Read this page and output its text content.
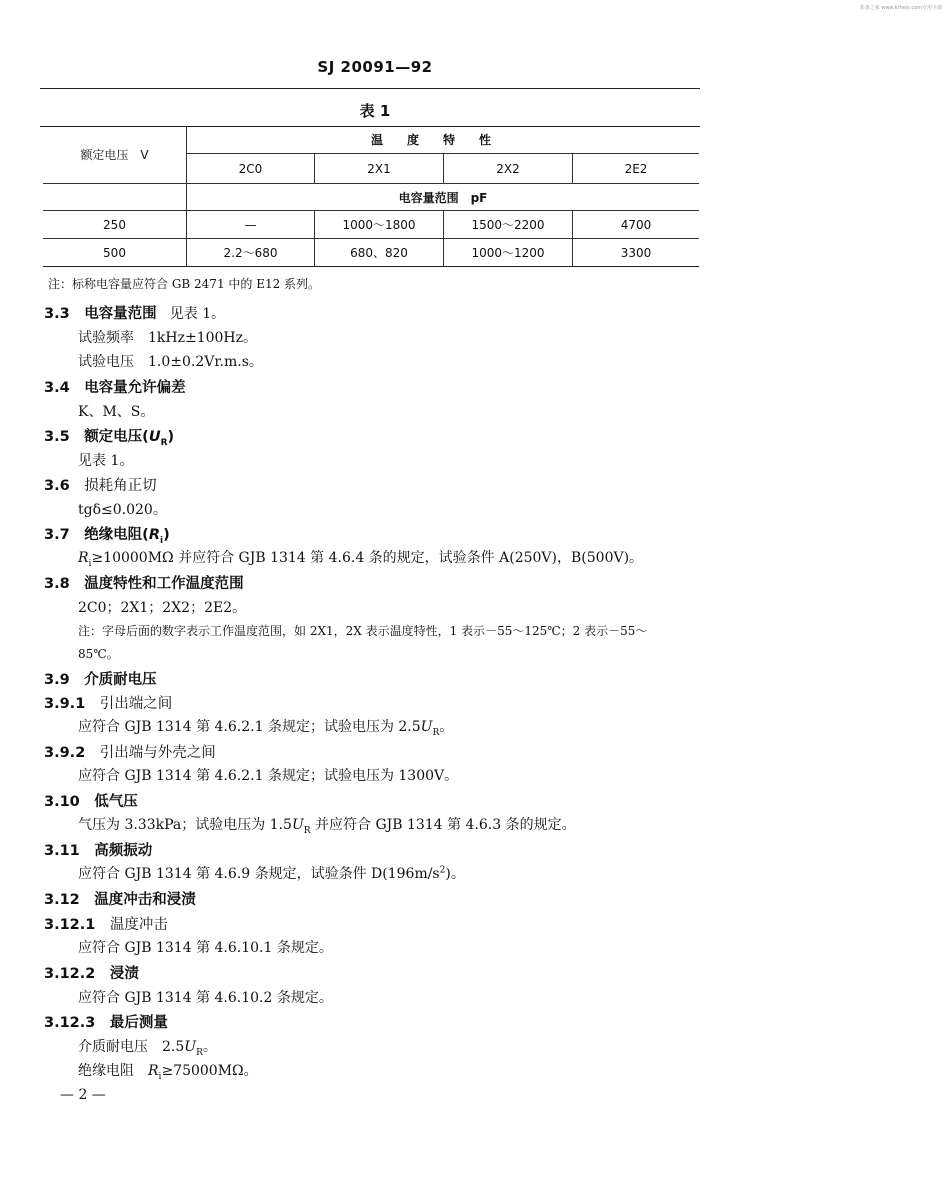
装备之家 www.krheis.com专用下载
SJ 20091—92
表 1
额定电压　V	温度特性			
	2C0	2X1	2X2	2E2
	电容量范围　pF			
250	—	1000～1800	1500～2200	4700
500	2.2～680	680、820	1000～1200	3300
注：标称电容量应符合 GB 2471 中的 E12 系列。
3.3　 电容量范围 见表 1。
试验频率　1kHz±100Hz。
试验电压　1.0±0.2Vr.m.s。
3.4　 电容量允许偏差
K、M、S。
3.5　 额定电压$(U_R)$
见表 1。
3.6　 损耗角正切
tgδ≤0.020。
3.7　 绝缘电阻$(R_i)$
$R_i\ge 10000M\Omega$ 并应符合 GJB 1314 第 4.6.4 条的规定，试验条件 A(250V)，B(500V)。
3.8　 温度特性和工作温度范围
2C0；2X1；2X2；2E2。
注：字母后面的数字表示工作温度范围，如 2X1，2X 表示温度特性，1 表示－55～125℃；2 表示－55～
85℃。
3.9　 介质耐电压
3.9.1　 引出端之间
应符合 GJB 1314 第 4.6.2.1 条规定；试验电压为 $2.5U_R$。
3.9.2　 引出端与外壳之间
应符合 GJB 1314 第 4.6.2.1 条规定；试验电压为 1300V。
3.10　 低气压
气压为 3.33kPa；试验电压为 $1.5U_R$ 并应符合 GJB 1314 第 4.6.3 条的规定。
3.11　 高频振动
应符合 GJB 1314 第 4.6.9 条规定，试验条件 $D(196m/s^2)$。
3.12　 温度冲击和浸渍
3.12.1　 温度冲击
应符合 GJB 1314 第 4.6.10.1 条规定。
3.12.2　 浸渍
应符合 GJB 1314 第 4.6.10.2 条规定。
3.12.3　 最后测量
介质耐电压　$2.5U_R$。
绝缘电阻　$R_i\ge 75000M\Omega$。
— 2 —
